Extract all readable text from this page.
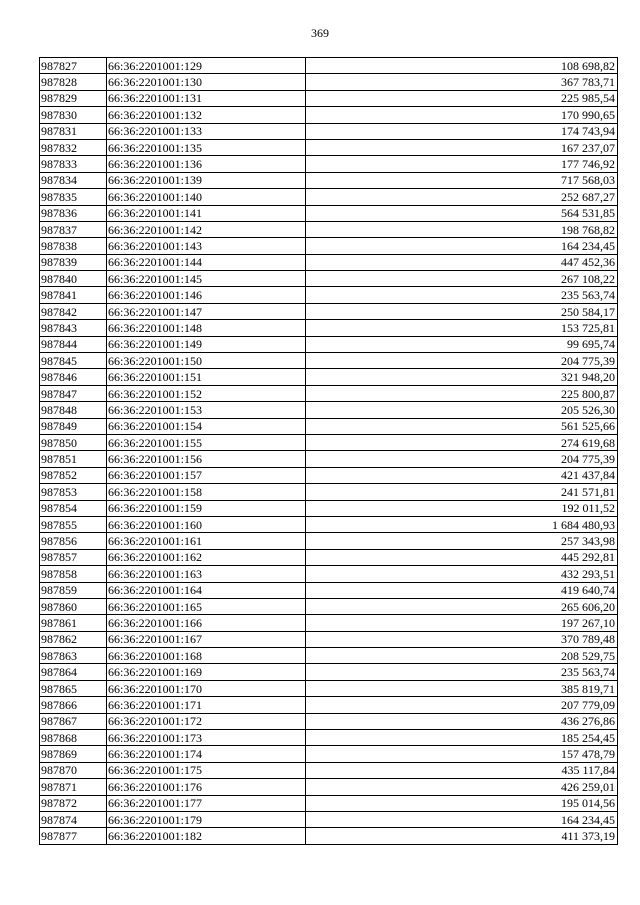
369
987827	66:36:2201001:129	108 698,82
987828	66:36:2201001:130	367 783,71
987829	66:36:2201001:131	225 985,54
987830	66:36:2201001:132	170 990,65
987831	66:36:2201001:133	174 743,94
987832	66:36:2201001:135	167 237,07
987833	66:36:2201001:136	177 746,92
987834	66:36:2201001:139	717 568,03
987835	66:36:2201001:140	252 687,27
987836	66:36:2201001:141	564 531,85
987837	66:36:2201001:142	198 768,82
987838	66:36:2201001:143	164 234,45
987839	66:36:2201001:144	447 452,36
987840	66:36:2201001:145	267 108,22
987841	66:36:2201001:146	235 563,74
987842	66:36:2201001:147	250 584,17
987843	66:36:2201001:148	153 725,81
987844	66:36:2201001:149	99 695,74
987845	66:36:2201001:150	204 775,39
987846	66:36:2201001:151	321 948,20
987847	66:36:2201001:152	225 800,87
987848	66:36:2201001:153	205 526,30
987849	66:36:2201001:154	561 525,66
987850	66:36:2201001:155	274 619,68
987851	66:36:2201001:156	204 775,39
987852	66:36:2201001:157	421 437,84
987853	66:36:2201001:158	241 571,81
987854	66:36:2201001:159	192 011,52
987855	66:36:2201001:160	1 684 480,93
987856	66:36:2201001:161	257 343,98
987857	66:36:2201001:162	445 292,81
987858	66:36:2201001:163	432 293,51
987859	66:36:2201001:164	419 640,74
987860	66:36:2201001:165	265 606,20
987861	66:36:2201001:166	197 267,10
987862	66:36:2201001:167	370 789,48
987863	66:36:2201001:168	208 529,75
987864	66:36:2201001:169	235 563,74
987865	66:36:2201001:170	385 819,71
987866	66:36:2201001:171	207 779,09
987867	66:36:2201001:172	436 276,86
987868	66:36:2201001:173	185 254,45
987869	66:36:2201001:174	157 478,79
987870	66:36:2201001:175	435 117,84
987871	66:36:2201001:176	426 259,01
987872	66:36:2201001:177	195 014,56
987874	66:36:2201001:179	164 234,45
987877	66:36:2201001:182	411 373,19
